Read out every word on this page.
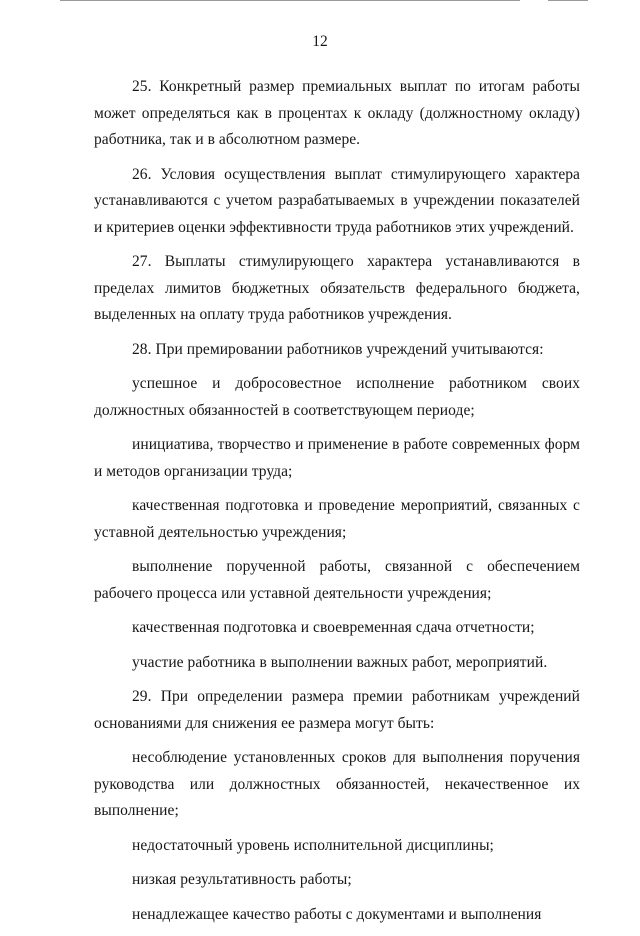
12

25. Конкретный размер премиальных выплат по итогам работы может определяться как в процентах к окладу (должностному окладу) работника, так и в абсолютном размере.

26. Условия осуществления выплат стимулирующего характера устанавливаются с учетом разрабатываемых в учреждении показателей и критериев оценки эффективности труда работников этих учреждений.

27. Выплаты стимулирующего характера устанавливаются в пределах лимитов бюджетных обязательств федерального бюджета, выделенных на оплату труда работников учреждения.

28. При премировании работников учреждений учитываются:

успешное и добросовестное исполнение работником своих должностных обязанностей в соответствующем периоде;

инициатива, творчество и применение в работе современных форм и методов организации труда;

качественная подготовка и проведение мероприятий, связанных с уставной деятельностью учреждения;

выполнение порученной работы, связанной с обеспечением рабочего процесса или уставной деятельности учреждения;

качественная подготовка и своевременная сдача отчетности;

участие работника в выполнении важных работ, мероприятий.

29. При определении размера премии работникам учреждений основаниями для снижения ее размера могут быть:

несоблюдение установленных сроков для выполнения поручения руководства или должностных обязанностей, некачественное их выполнение;

недостаточный уровень исполнительной дисциплины;

низкая результативность работы;

ненадлежащее качество работы с документами и выполнения
